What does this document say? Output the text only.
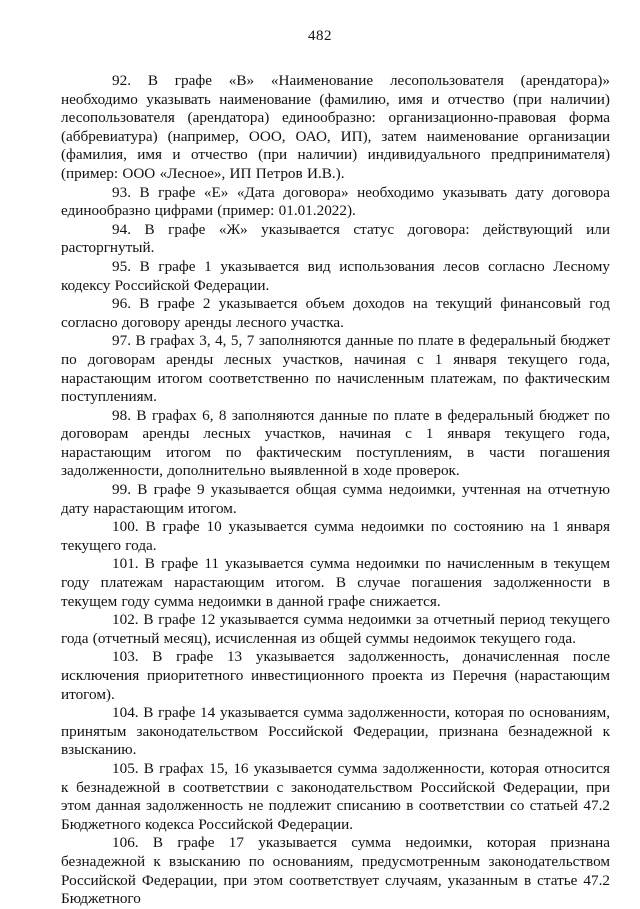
482

92. В графе «В» «Наименование лесопользователя (арендатора)» необходимо указывать наименование (фамилию, имя и отчество (при наличии) лесопользователя (арендатора) единообразно: организационно-правовая форма (аббревиатура) (например, ООО, ОАО, ИП), затем наименование организации (фамилия, имя и отчество (при наличии) индивидуального предпринимателя) (пример: ООО «Лесное», ИП Петров И.В.).

93. В графе «Е» «Дата договора» необходимо указывать дату договора единообразно цифрами (пример: 01.01.2022).

94. В графе «Ж» указывается статус договора: действующий или расторгнутый.

95. В графе 1 указывается вид использования лесов согласно Лесному кодексу Российской Федерации.

96. В графе 2 указывается объем доходов на текущий финансовый год согласно договору аренды лесного участка.

97. В графах 3, 4, 5, 7 заполняются данные по плате в федеральный бюджет по договорам аренды лесных участков, начиная с 1 января текущего года, нарастающим итогом соответственно по начисленным платежам, по фактическим поступлениям.

98. В графах 6, 8 заполняются данные по плате в федеральный бюджет по договорам аренды лесных участков, начиная с 1 января текущего года, нарастающим итогом по фактическим поступлениям, в части погашения задолженности, дополнительно выявленной в ходе проверок.

99. В графе 9 указывается общая сумма недоимки, учтенная на отчетную дату нарастающим итогом.

100. В графе 10 указывается сумма недоимки по состоянию на 1 января текущего года.

101. В графе 11 указывается сумма недоимки по начисленным в текущем году платежам нарастающим итогом. В случае погашения задолженности в текущем году сумма недоимки в данной графе снижается.

102. В графе 12 указывается сумма недоимки за отчетный период текущего года (отчетный месяц), исчисленная из общей суммы недоимок текущего года.

103. В графе 13 указывается задолженность, доначисленная после исключения приоритетного инвестиционного проекта из Перечня (нарастающим итогом).

104. В графе 14 указывается сумма задолженности, которая по основаниям, принятым законодательством Российской Федерации, признана безнадежной к взысканию.

105. В графах 15, 16 указывается сумма задолженности, которая относится к безнадежной в соответствии с законодательством Российской Федерации, при этом данная задолженность не подлежит списанию в соответствии со статьей 47.2 Бюджетного кодекса Российской Федерации.

106. В графе 17 указывается сумма недоимки, которая признана безнадежной к взысканию по основаниям, предусмотренным законодательством Российской Федерации, при этом соответствует случаям, указанным в статье 47.2 Бюджетного
